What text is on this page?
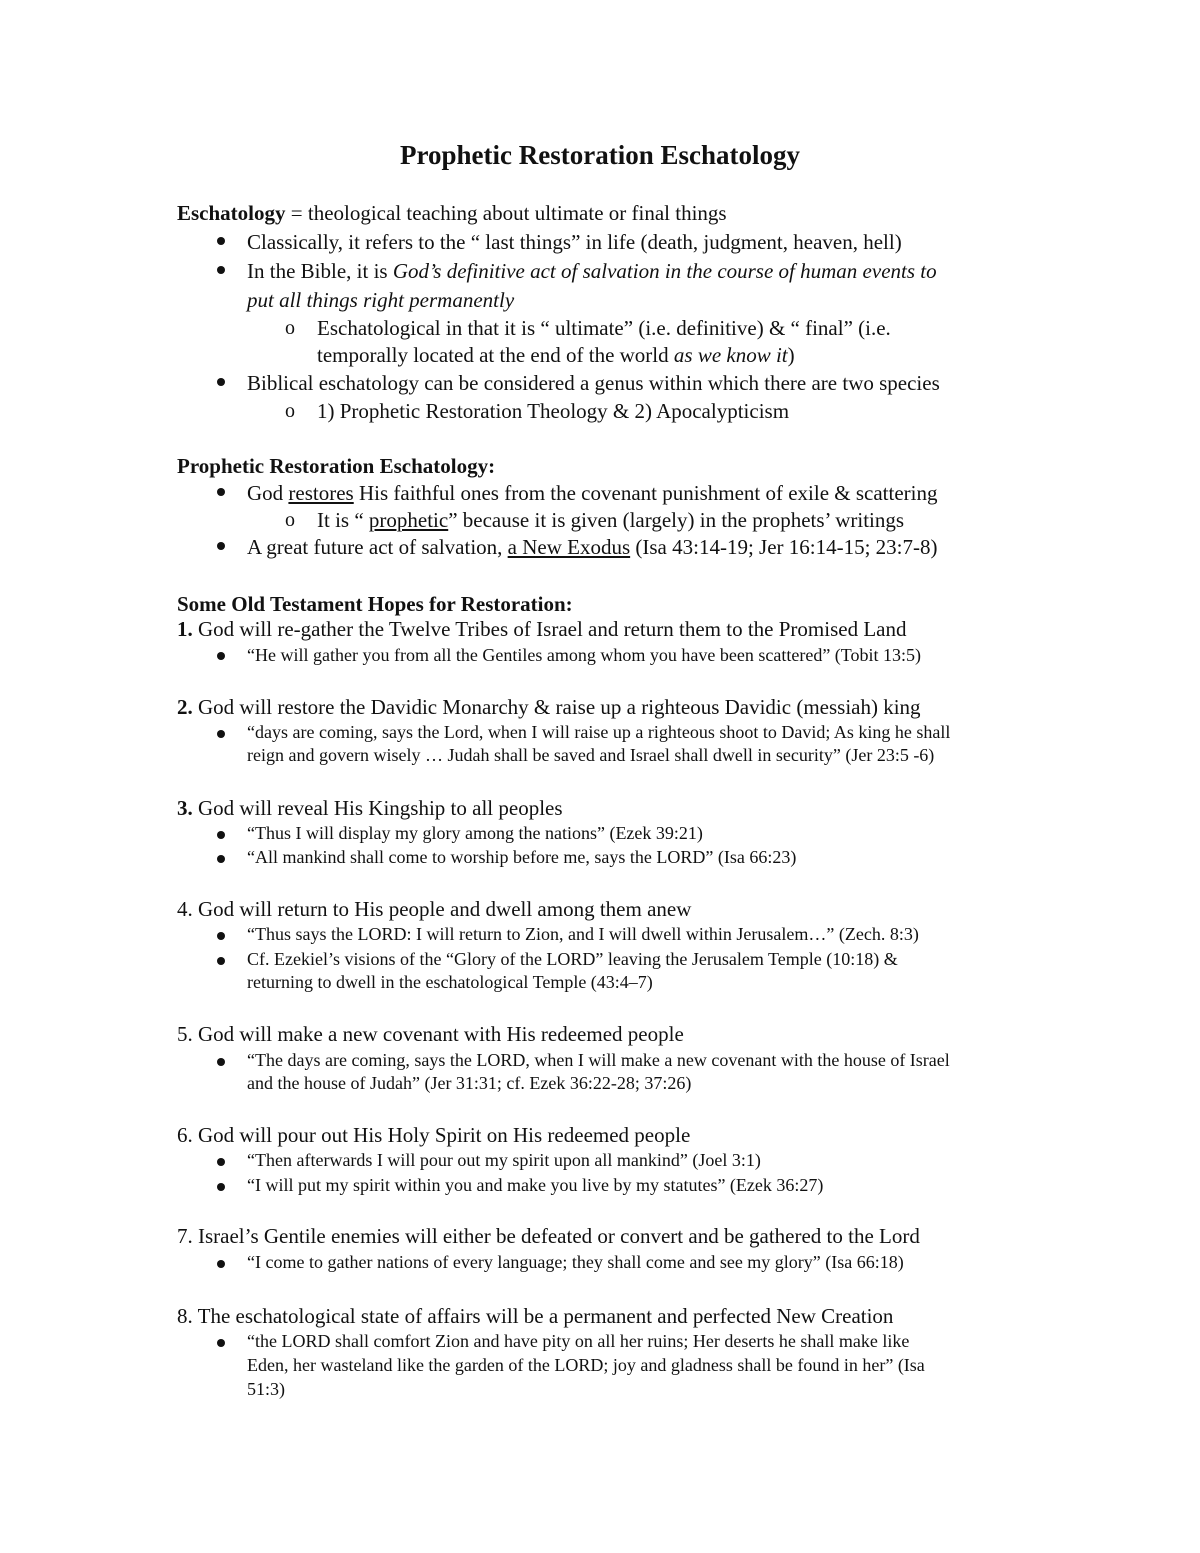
Prophetic Restoration Eschatology
Eschatology = theological teaching about ultimate or final things
Classically, it refers to the “ last things” in life (death, judgment, heaven, hell)
In the Bible, it is God’s definitive act of salvation in the course of human events to
put all things right permanently
o Eschatological in that it is “ ultimate” (i.e. definitive) & “ final” (i.e.
temporally located at the end of the world as we know it)
Biblical eschatology can be considered a genus within which there are two species
o 1) Prophetic Restoration Theology & 2) Apocalypticism
Prophetic Restoration Eschatology:
God restores His faithful ones from the covenant punishment of exile & scattering
o It is “ prophetic” because it is given (largely) in the prophets’ writings
A great future act of salvation, a New Exodus (Isa 43:14-19; Jer 16:14-15; 23:7-8)
Some Old Testament Hopes for Restoration:
1. God will re-gather the Twelve Tribes of Israel and return them to the Promised Land
“He will gather you from all the Gentiles among whom you have been scattered” (Tobit 13:5)
2. God will restore the Davidic Monarchy & raise up a righteous Davidic (messiah) king
“days are coming, says the Lord, when I will raise up a righteous shoot to David; As king he shall
reign and govern wisely … Judah shall be saved and Israel shall dwell in security” (Jer 23:5 -6)
3. God will reveal His Kingship to all peoples
“Thus I will display my glory among the nations” (Ezek 39:21)
“All mankind shall come to worship before me, says the LORD” (Isa 66:23)
4. God will return to His people and dwell among them anew
“Thus says the LORD: I will return to Zion, and I will dwell within Jerusalem…” (Zech. 8:3)
Cf. Ezekiel’s visions of the “Glory of the LORD” leaving the Jerusalem Temple (10:18) &
returning to dwell in the eschatological Temple (43:4–7)
5. God will make a new covenant with His redeemed people
“The days are coming, says the LORD, when I will make a new covenant with the house of Israel
and the house of Judah” (Jer 31:31; cf. Ezek 36:22-28; 37:26)
6. God will pour out His Holy Spirit on His redeemed people
“Then afterwards I will pour out my spirit upon all mankind” (Joel 3:1)
“I will put my spirit within you and make you live by my statutes” (Ezek 36:27)
7. Israel’s Gentile enemies will either be defeated or convert and be gathered to the Lord
“I come to gather nations of every language; they shall come and see my glory” (Isa 66:18)
8. The eschatological state of affairs will be a permanent and perfected New Creation
“the LORD shall comfort Zion and have pity on all her ruins; Her deserts he shall make like
Eden, her wasteland like the garden of the LORD; joy and gladness shall be found in her” (Isa
51:3)
